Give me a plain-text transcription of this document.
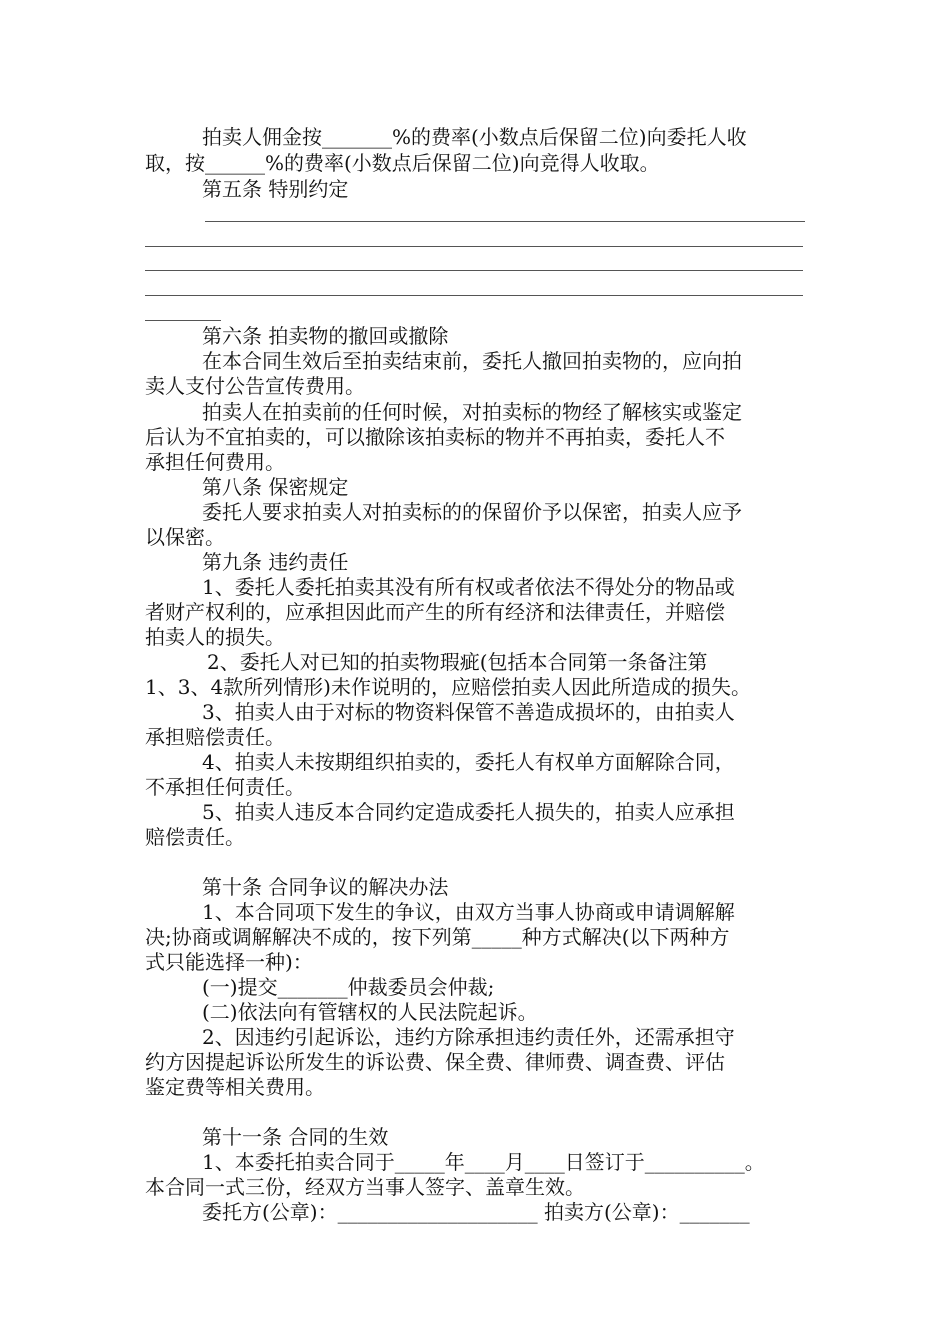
拍卖人佣金按_______%的费率(小数点后保留二位)向委托人收

取，按______%的费率(小数点后保留二位)向竞得人收取。

第五条 特别约定

第六条 拍卖物的撤回或撤除

在本合同生效后至拍卖结束前，委托人撤回拍卖物的，应向拍

卖人支付公告宣传费用。

拍卖人在拍卖前的任何时候，对拍卖标的物经了解核实或鉴定

后认为不宜拍卖的，可以撤除该拍卖标的物并不再拍卖，委托人不

承担任何费用。

第八条 保密规定

委托人要求拍卖人对拍卖标的的保留价予以保密，拍卖人应予

以保密。

第九条 违约责任

1、委托人委托拍卖其没有所有权或者依法不得处分的物品或

者财产权利的，应承担因此而产生的所有经济和法律责任，并赔偿

拍卖人的损失。

2、委托人对已知的拍卖物瑕疵(包括本合同第一条备注第

1、3、4款所列情形)未作说明的，应赔偿拍卖人因此所造成的损失。

3、拍卖人由于对标的物资料保管不善造成损坏的，由拍卖人

承担赔偿责任。

4、拍卖人未按期组织拍卖的，委托人有权单方面解除合同，

不承担任何责任。

5、拍卖人违反本合同约定造成委托人损失的，拍卖人应承担

赔偿责任。

第十条 合同争议的解决办法

1、本合同项下发生的争议，由双方当事人协商或申请调解解

决;协商或调解解决不成的，按下列第_____种方式解决(以下两种方

式只能选择一种)：

(一)提交_______仲裁委员会仲裁;

(二)依法向有管辖权的人民法院起诉。

2、因违约引起诉讼，违约方除承担违约责任外，还需承担守

约方因提起诉讼所发生的诉讼费、保全费、律师费、调查费、评估

鉴定费等相关费用。

第十一条 合同的生效

1、本委托拍卖合同于_____年____月____日签订于__________。

本合同一式三份，经双方当事人签字、盖章生效。

委托方(公章)：____________________ 拍卖方(公章)：_______
